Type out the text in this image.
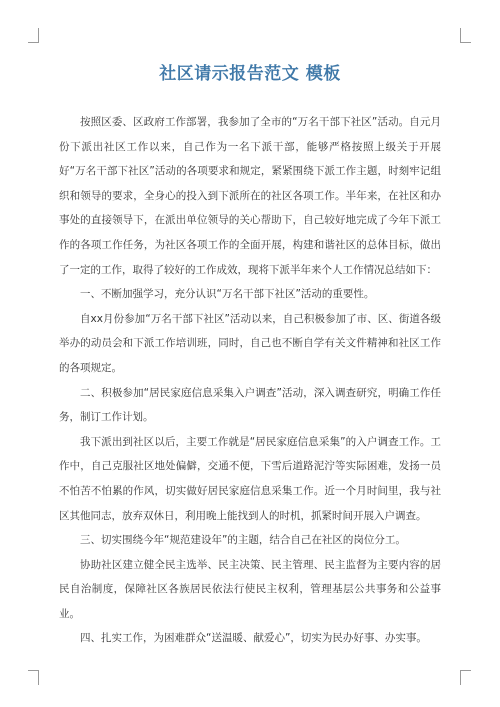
社区请示报告范文 模板

按照区委、区政府工作部署，我参加了全市的“万名干部下社区”活动。自元月份下派出社区工作以来，自己作为一名下派干部，能够严格按照上级关于开展好“万名干部下社区”活动的各项要求和规定，紧紧围绕下派工作主题，时刻牢记组织和领导的要求，全身心的投入到下派所在的社区各项工作。半年来，在社区和办事处的直接领导下，在派出单位领导的关心帮助下，自己较好地完成了今年下派工作的各项工作任务，为社区各项工作的全面开展，构建和谐社区的总体目标，做出了一定的工作，取得了较好的工作成效，现将下派半年来个人工作情况总结如下：

一、不断加强学习，充分认识“万名干部下社区”活动的重要性。

自xx月份参加“万名干部下社区”活动以来，自己积极参加了市、区、街道各级举办的动员会和下派工作培训班，同时，自己也不断自学有关文件精神和社区工作的各项规定。

二、积极参加“居民家庭信息采集入户调查”活动，深入调查研究，明确工作任务，制订工作计划。

我下派出到社区以后，主要工作就是“居民家庭信息采集”的入户调查工作。工作中，自己克服社区地处偏僻，交通不便，下雪后道路泥泞等实际困难，发扬一员不怕苦不怕累的作风，切实做好居民家庭信息采集工作。近一个月时间里，我与社区其他同志，放弃双休日，利用晚上能找到人的时机，抓紧时间开展入户调查。

三、切实围绕今年“规范建设年”的主题，结合自己在社区的岗位分工。

协助社区建立健全民主选举、民主决策、民主管理、民主监督为主要内容的居民自治制度，保障社区各族居民依法行使民主权利，管理基层公共事务和公益事业。

四、扎实工作，为困难群众“送温暖、献爱心”，切实为民办好事、办实事。
